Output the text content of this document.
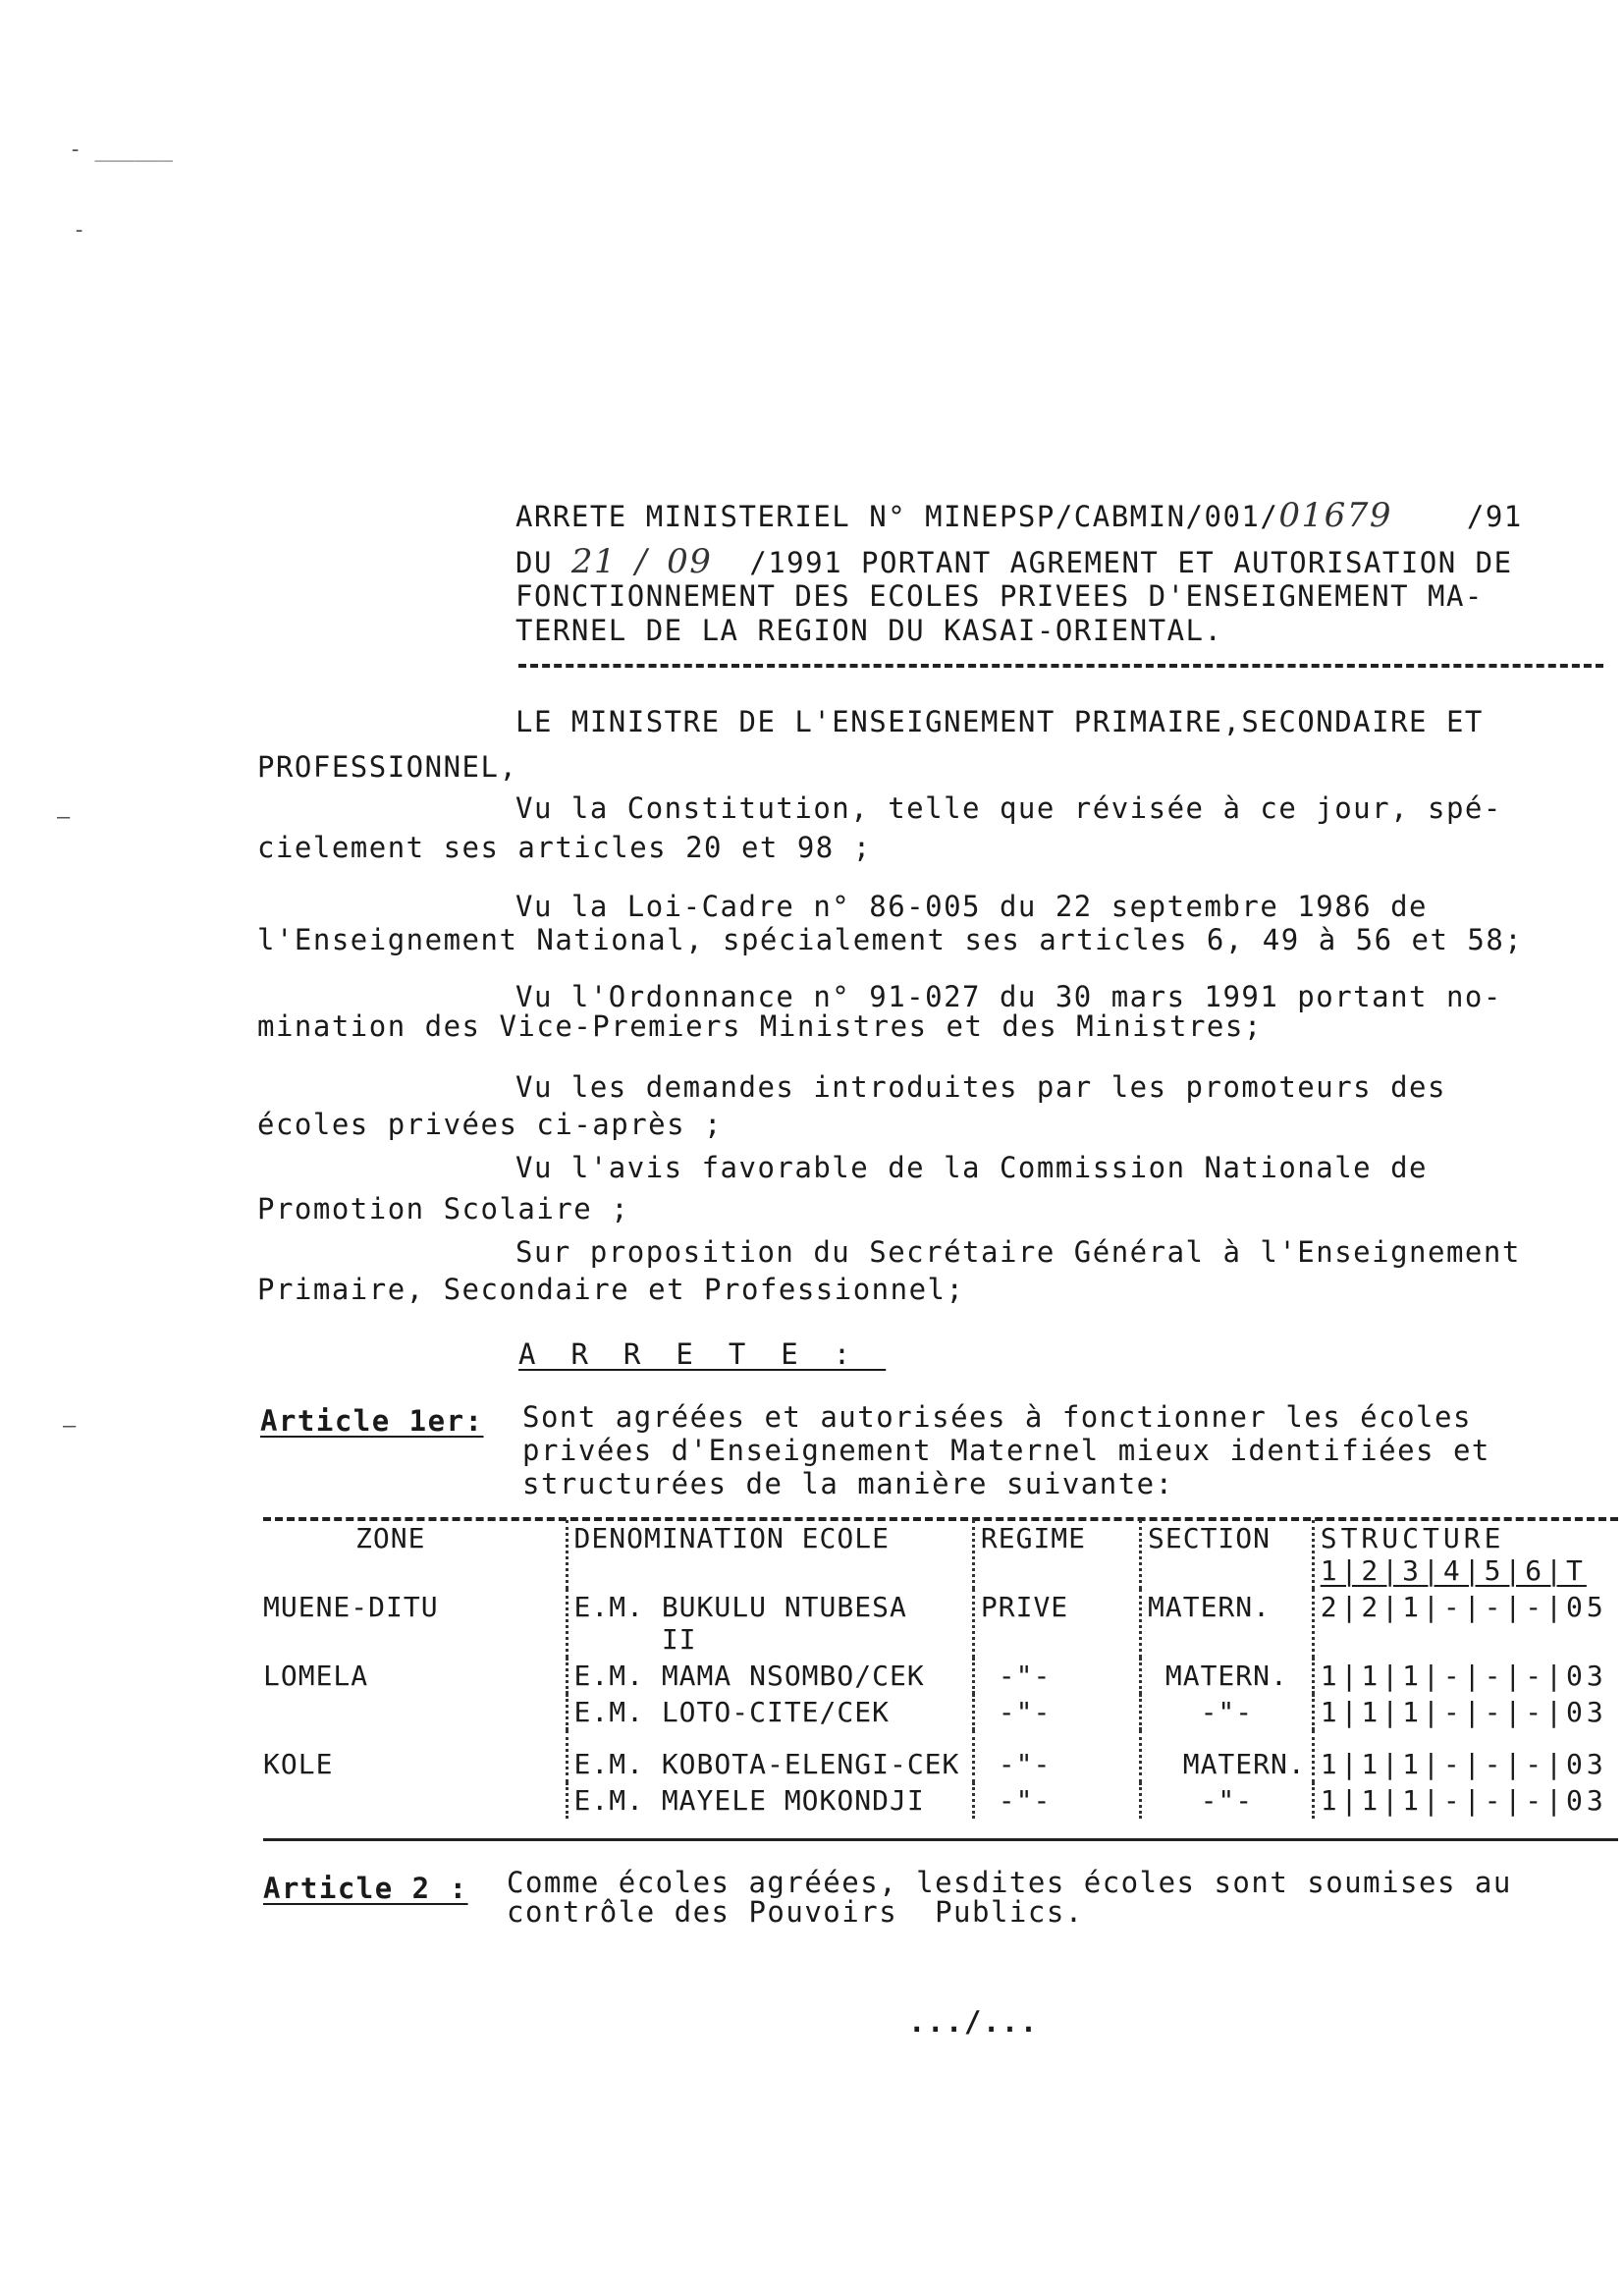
- ______
-
—
—
ARRETE MINISTERIEL N° MINEPSP/CABMIN/001/01679	/91
DU 21 / 09 /1991 PORTANT AGREMENT ET AUTORISATION DE
FONCTIONNEMENT DES ECOLES PRIVEES D'ENSEIGNEMENT MA-
TERNEL DE LA REGION DU KASAI-ORIENTAL.
LE MINISTRE DE L'ENSEIGNEMENT PRIMAIRE,SECONDAIRE ET
PROFESSIONNEL,
Vu la Constitution, telle que révisée à ce jour, spé-
cielement ses articles 20 et 98 ;
Vu la Loi-Cadre n° 86-005 du 22 septembre 1986 de
l'Enseignement National, spécialement ses articles 6, 49 à 56 et 58;
Vu l'Ordonnance n° 91-027 du 30 mars 1991 portant no-
mination des Vice-Premiers Ministres et des Ministres;
Vu les demandes introduites par les promoteurs des
écoles privées ci-après ;
Vu l'avis favorable de la Commission Nationale de
Promotion Scolaire ;
Sur proposition du Secrétaire Général à l'Enseignement
Primaire, Secondaire et Professionnel;
ARRETE:
Article 1er: Sont agréées et autorisées à fonctionner les écoles
privées d'Enseignement Maternel mieux identifiées et
structurées de la manière suivante:
ZONE	DENOMINATION ECOLE	REGIME	SECTION	STRUCTURE
1|2|3|4|5|6|T

MUENE-DITU	E.M. BUKULU NTUBESA
II	PRIVE	MATERN.	2|2|1|-|-|-|05
LOMELA	E.M. MAMA NSOMBO/CEK	-"-	MATERN.	1|1|1|-|-|-|03
	E.M. LOTO-CITE/CEK	-"-	-"-	1|1|1|-|-|-|03
KOLE	E.M. KOBOTA-ELENGI-CEK	-"-	MATERN.	1|1|1|-|-|-|03
	E.M. MAYELE MOKONDJI	-"-	-"-	1|1|1|-|-|-|03
Article 2 : Comme écoles agréées, lesdites écoles sont soumises au
contrôle des Pouvoirs  Publics.
.../...
